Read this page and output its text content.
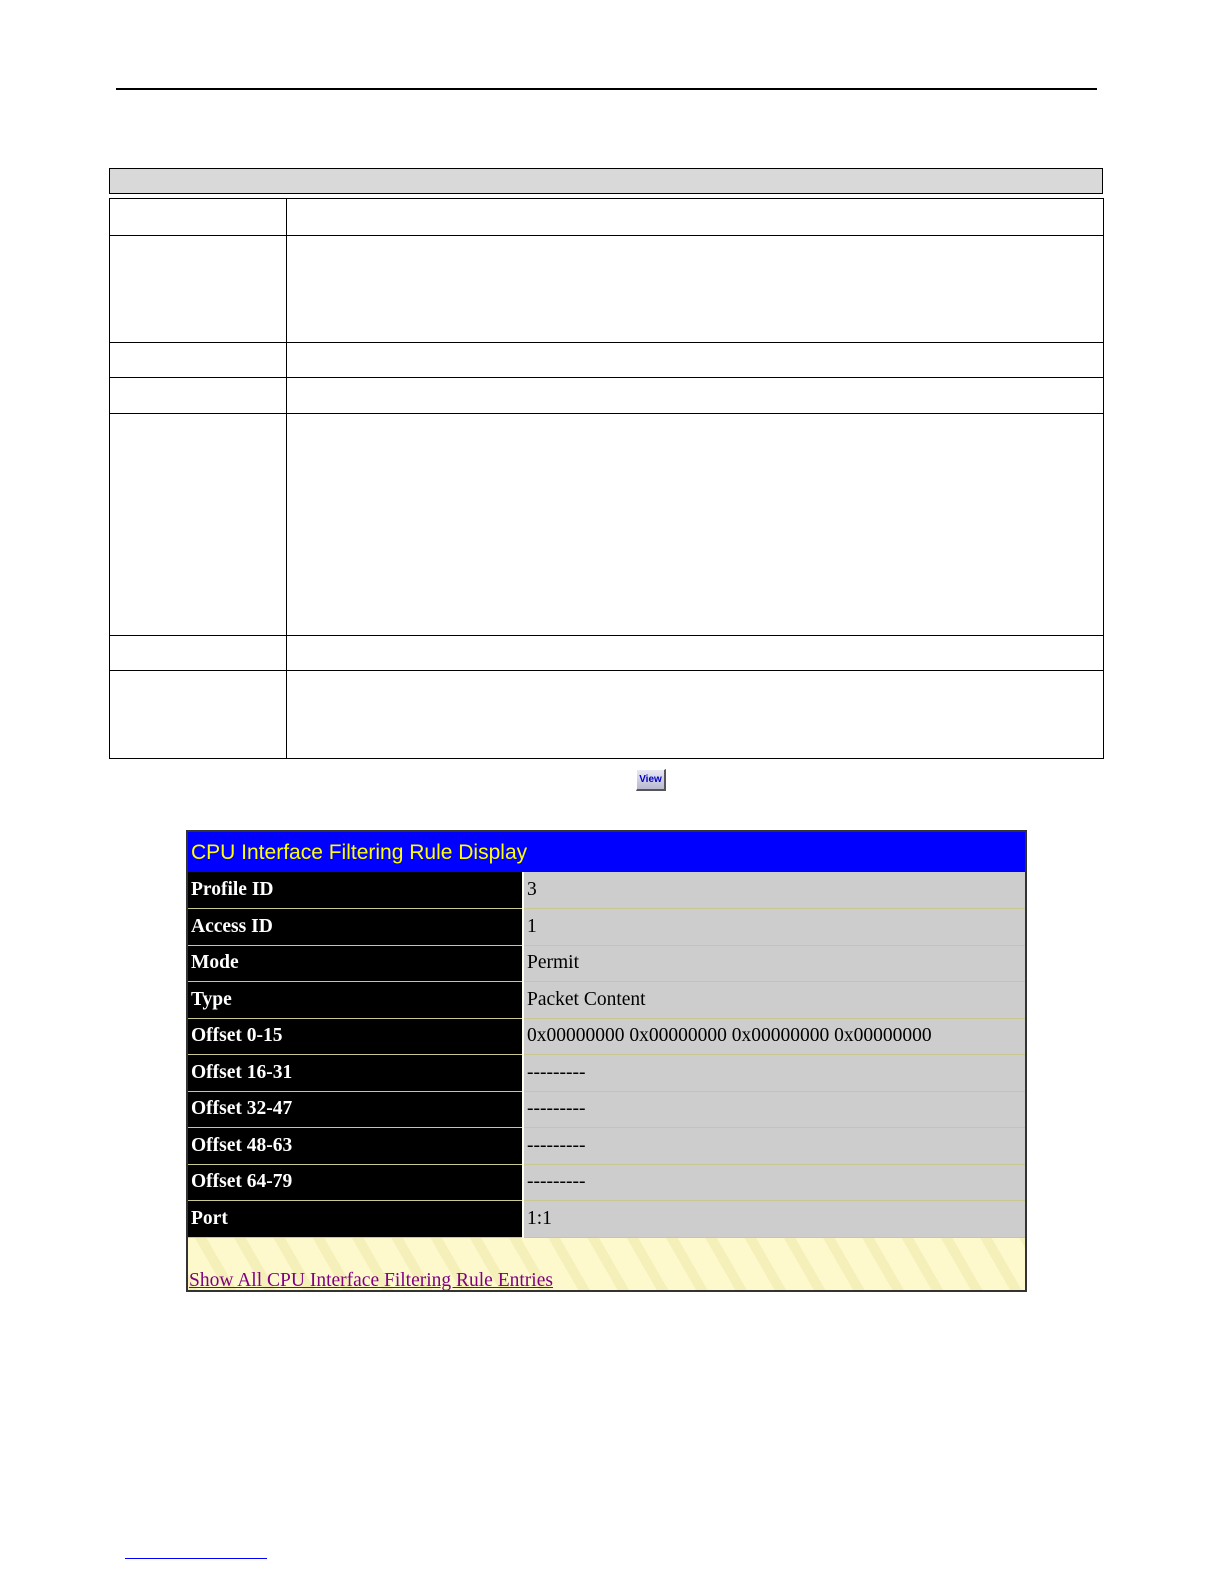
View
CPU Interface Filtering Rule Display
Profile ID	3
Access ID	1
Mode	Permit
Type	Packet Content
Offset 0-15	0x00000000 0x00000000 0x00000000 0x00000000
Offset 16-31	---------
Offset 32-47	---------
Offset 48-63	---------
Offset 64-79	---------
Port	1:1
Show All CPU Interface Filtering Rule Entries
